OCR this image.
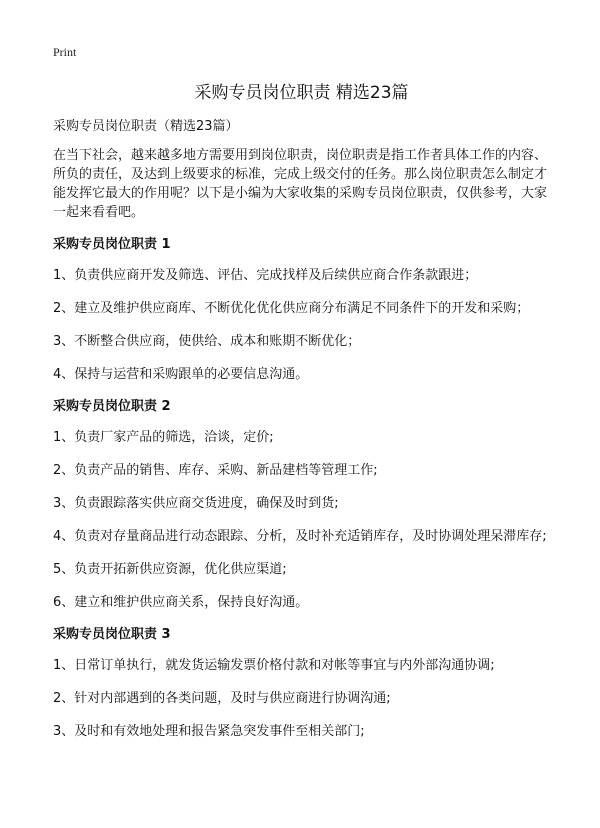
Print
采购专员岗位职责 精选23篇

采购专员岗位职责（精选23篇）

在当下社会，越来越多地方需要用到岗位职责，岗位职责是指工作者具体工作的内容、所负的责任，及达到上级要求的标准，完成上级交付的任务。那么岗位职责怎么制定才能发挥它最大的作用呢？以下是小编为大家收集的采购专员岗位职责，仅供参考，大家一起来看看吧。

采购专员岗位职责 1

1、负责供应商开发及筛选、评估、完成找样及后续供应商合作条款跟进；

2、建立及维护供应商库、不断优化优化供应商分布满足不同条件下的开发和采购；

3、不断整合供应商，使供给、成本和账期不断优化；

4、保持与运营和采购跟单的必要信息沟通。

采购专员岗位职责 2

1、负责厂家产品的筛选，洽谈，定价;

2、负责产品的销售、库存、采购、新品建档等管理工作;

3、负责跟踪落实供应商交货进度，确保及时到货;

4、负责对存量商品进行动态跟踪、分析，及时补充适销库存，及时协调处理呆滞库存;

5、负责开拓新供应资源，优化供应渠道;

6、建立和维护供应商关系，保持良好沟通。

采购专员岗位职责 3

1、日常订单执行，就发货运输发票价格付款和对帐等事宜与内外部沟通协调;

2、针对内部遇到的各类问题，及时与供应商进行协调沟通;

3、及时和有效地处理和报告紧急突发事件至相关部门;
